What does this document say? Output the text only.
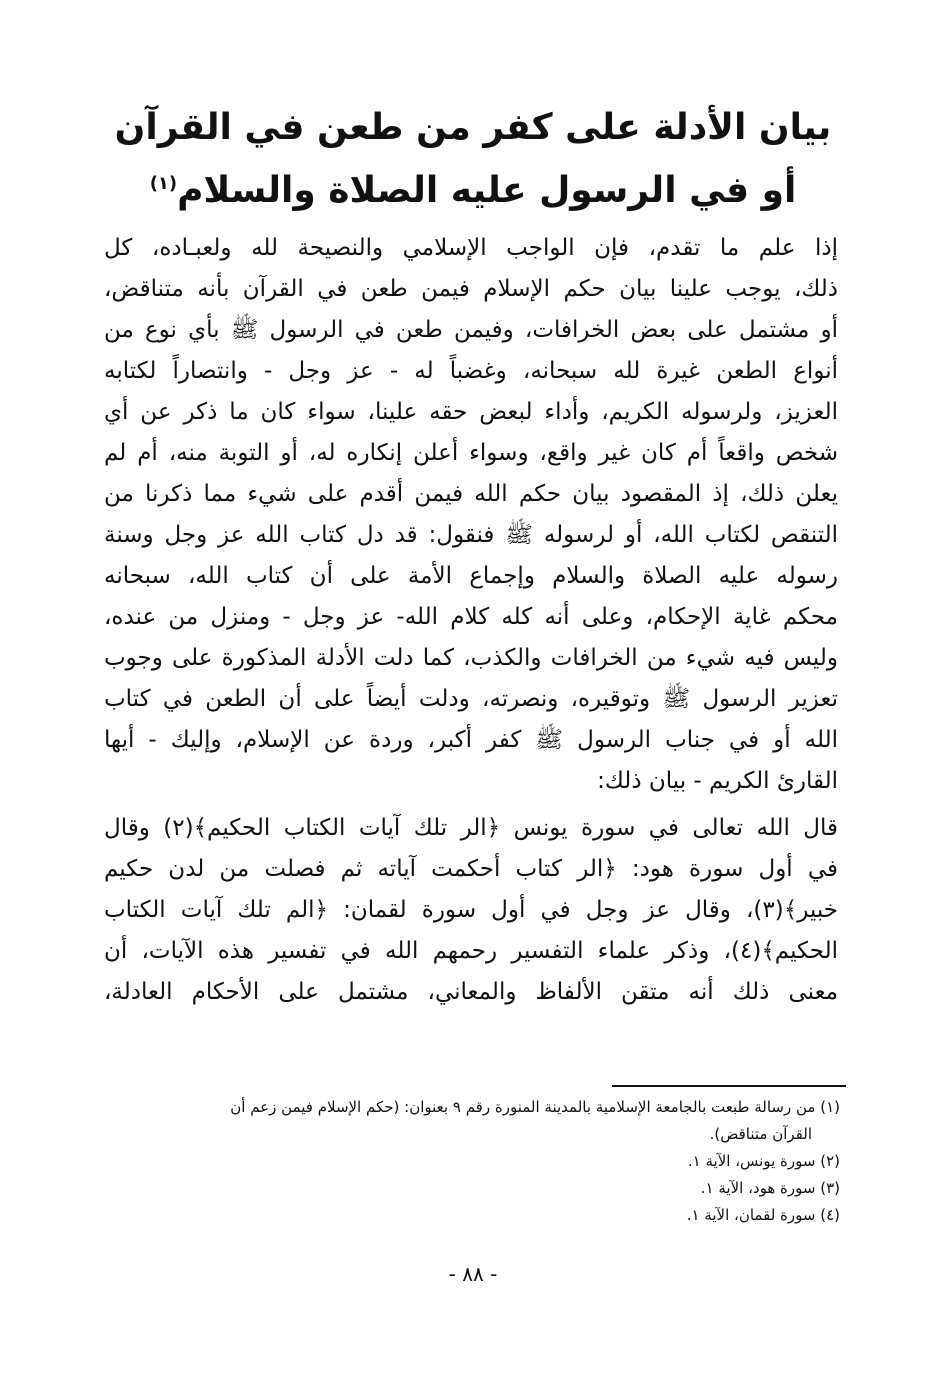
بيان الأدلة على كفر من طعن في القرآن
أو في الرسول عليه الصلاة والسلام$^{(١)}$
إذا علم ما تقدم، فإن الواجب الإسلامي والنصيحة لله ولعبـاده، كل
ذلك، يوجب علينا بيان حكم الإسلام فيمن طعن في القرآن بأنه متناقض،
أو مشتمل على بعض الخرافات، وفيمن طعن في الرسول ﷺ بأي نوع من
أنواع الطعن غيرة لله سبحانه، وغضباً له - عز وجل - وانتصاراً لكتابه
العزيز، ولرسوله الكريم، وأداء لبعض حقه علينا، سواء كان ما ذكر عن أي
شخص واقعاً أم كان غير واقع، وسواء أعلن إنكاره له، أو التوبة منه، أم لم
يعلن ذلك، إذ المقصود بيان حكم الله فيمن أقدم على شيء مما ذكرنا من
التنقص لكتاب الله، أو لرسوله ﷺ فنقول: قد دل كتاب الله عز وجل وسنة
رسوله عليه الصلاة والسلام وإجماع الأمة على أن كتاب الله، سبحانه
محكم غاية الإحكام، وعلى أنه كله كلام الله- عز وجل - ومنزل من عنده،
وليس فيه شيء من الخرافات والكذب، كما دلت الأدلة المذكورة على وجوب
تعزير الرسول ﷺ وتوقيره، ونصرته، ودلت أيضاً على أن الطعن في كتاب
الله أو في جناب الرسول ﷺ كفر أكبر، وردة عن الإسلام، وإليك - أيها
القارئ الكريم - بيان ذلك:
قال الله تعالى في سورة يونس ﴿الر تلك آيات الكتاب الحكيم﴾(٢) وقال
في أول سورة هود: ﴿الر كتاب أحكمت آياته ثم فصلت من لدن حكيم
خبير﴾(٣)، وقال عز وجل في أول سورة لقمان: ﴿الم تلك آيات الكتاب
الحكيم﴾(٤)، وذكر علماء التفسير رحمهم الله في تفسير هذه الآيات، أن
معنى ذلك أنه متقن الألفاظ والمعاني، مشتمل على الأحكام العادلة،
(١) من رسالة طبعت بالجامعة الإسلامية بالمدينة المنورة رقم ٩ بعنوان: (حكم الإسلام فيمن زعم أن
القرآن متناقض).
(٢) سورة يونس، الآية ١.
(٣) سورة هود، الآية ١.
(٤) سورة لقمان، الآية ١.
- ٨٨ -
